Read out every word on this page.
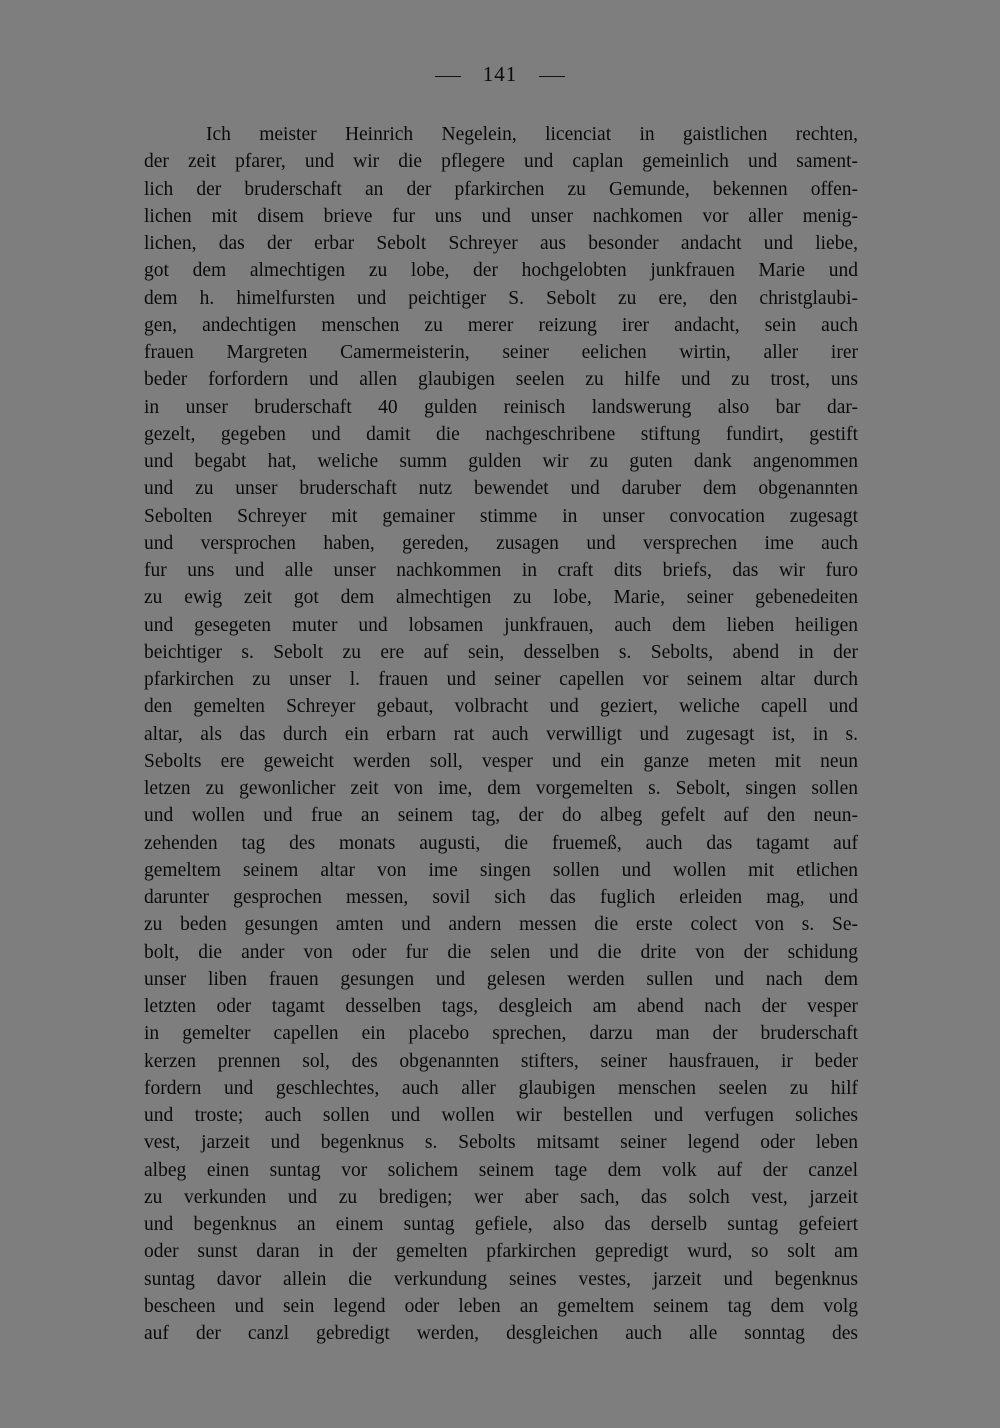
141
Ich meister Heinrich Negelein, licenciat in gaistlichen rechten,
der zeit pfarer, und wir die pflegere und caplan gemeinlich und sament-
lich der bruderschaft an der pfarkirchen zu Gemunde, bekennen offen-
lichen mit disem brieve fur uns und unser nachkomen vor aller menig-
lichen, das der erbar Sebolt Schreyer aus besonder andacht und liebe,
got dem almechtigen zu lobe, der hochgelobten junkfrauen Marie und
dem h. himelfursten und peichtiger S. Sebolt zu ere, den christglaubi-
gen, andechtigen menschen zu merer reizung irer andacht, sein auch
frauen Margreten Camermeisterin, seiner eelichen wirtin, aller irer
beder forfordern und allen glaubigen seelen zu hilfe und zu trost, uns
in unser bruderschaft 40 gulden reinisch landswerung also bar dar-
gezelt, gegeben und damit die nachgeschribene stiftung fundirt, gestift
und begabt hat, weliche summ gulden wir zu guten dank angenommen
und zu unser bruderschaft nutz bewendet und daruber dem obgenannten
Sebolten Schreyer mit gemainer stimme in unser convocation zugesagt
und versprochen haben, gereden, zusagen und versprechen ime auch
fur uns und alle unser nachkommen in craft dits briefs, das wir furo
zu ewig zeit got dem almechtigen zu lobe, Marie, seiner gebenedeiten
und gesegeten muter und lobsamen junkfrauen, auch dem lieben heiligen
beichtiger s. Sebolt zu ere auf sein, desselben s. Sebolts, abend in der
pfarkirchen zu unser l. frauen und seiner capellen vor seinem altar durch
den gemelten Schreyer gebaut, volbracht und geziert, weliche capell und
altar, als das durch ein erbarn rat auch verwilligt und zugesagt ist, in s.
Sebolts ere geweicht werden soll, vesper und ein ganze meten mit neun
letzen zu gewonlicher zeit von ime, dem vorgemelten s. Sebolt, singen sollen
und wollen und frue an seinem tag, der do albeg gefelt auf den neun-
zehenden tag des monats augusti, die fruemeß, auch das tagamt auf
gemeltem seinem altar von ime singen sollen und wollen mit etlichen
darunter gesprochen messen, sovil sich das fuglich erleiden mag, und
zu beden gesungen amten und andern messen die erste colect von s. Se-
bolt, die ander von oder fur die selen und die drite von der schidung
unser liben frauen gesungen und gelesen werden sullen und nach dem
letzten oder tagamt desselben tags, desgleich am abend nach der vesper
in gemelter capellen ein placebo sprechen, darzu man der bruderschaft
kerzen prennen sol, des obgenannten stifters, seiner hausfrauen, ir beder
fordern und geschlechtes, auch aller glaubigen menschen seelen zu hilf
und troste; auch sollen und wollen wir bestellen und verfugen soliches
vest, jarzeit und begenknus s. Sebolts mitsamt seiner legend oder leben
albeg einen suntag vor solichem seinem tage dem volk auf der canzel
zu verkunden und zu bredigen; wer aber sach, das solch vest, jarzeit
und begenknus an einem suntag gefiele, also das derselb suntag gefeiert
oder sunst daran in der gemelten pfarkirchen gepredigt wurd, so solt am
suntag davor allein die verkundung seines vestes, jarzeit und begenknus
bescheen und sein legend oder leben an gemeltem seinem tag dem volg
auf der canzl gebredigt werden, desgleichen auch alle sonntag des
